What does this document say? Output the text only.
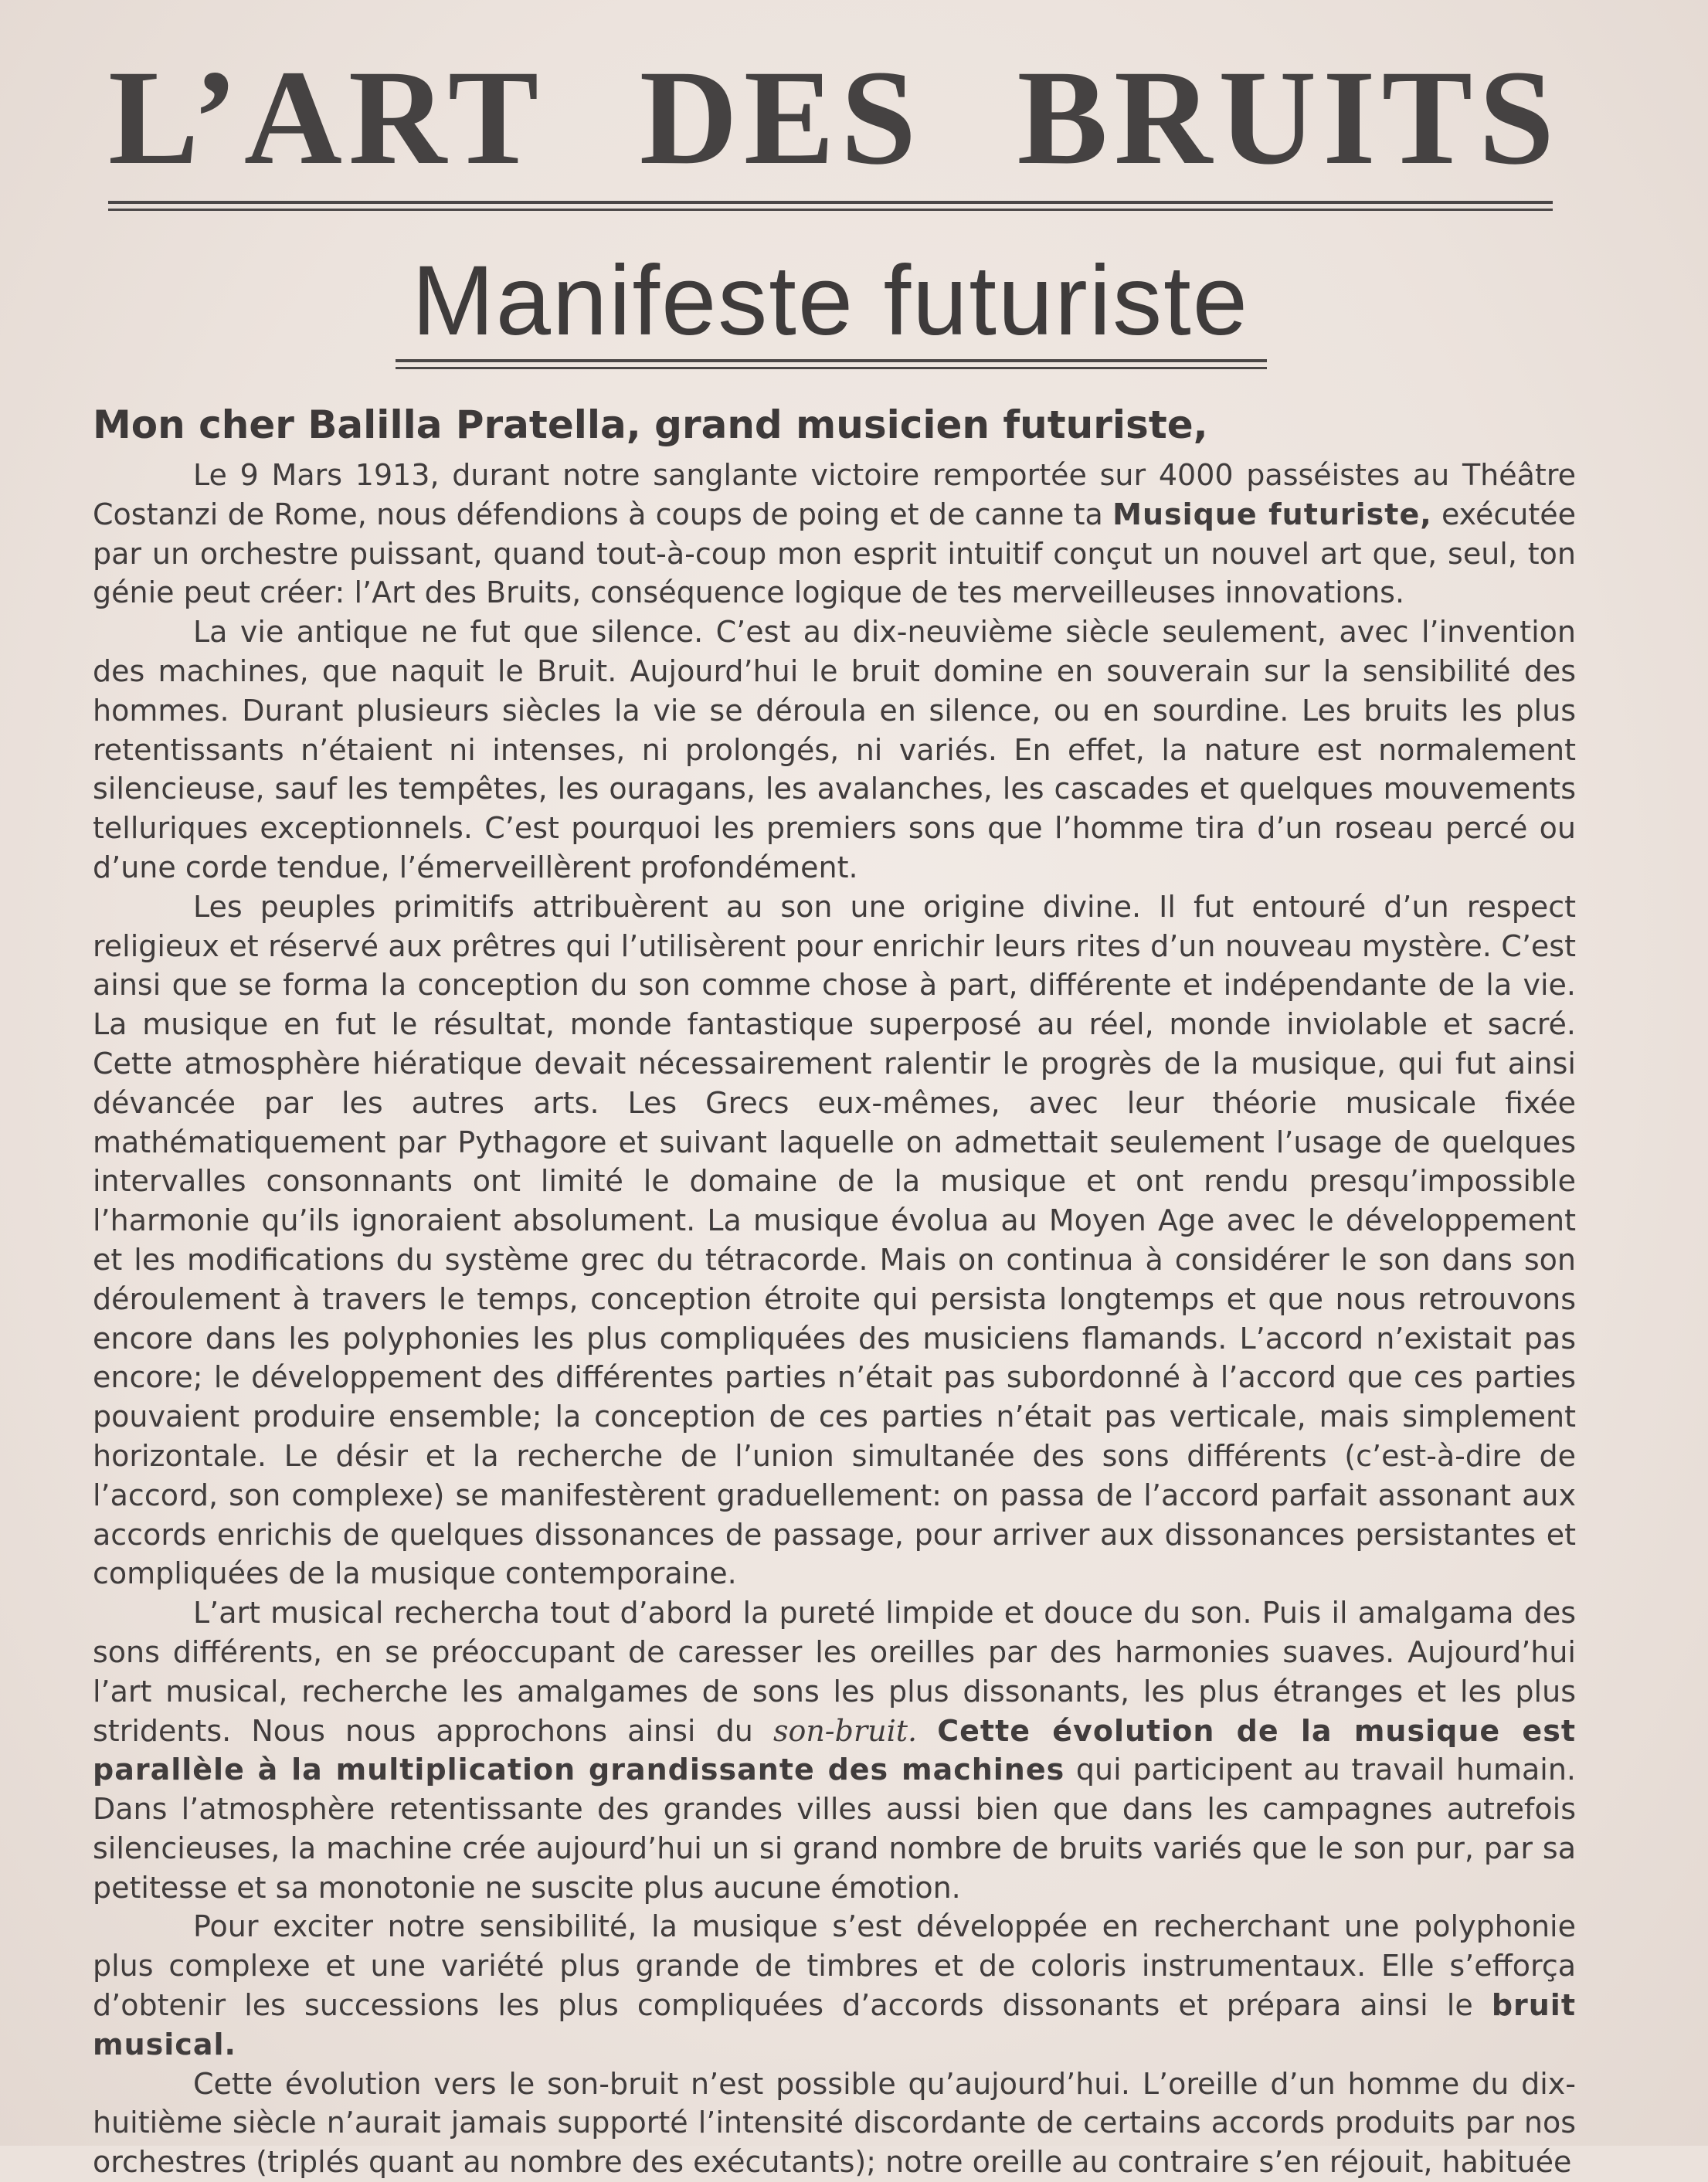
L’ART DES BRUITS
Manifeste futuriste
Mon cher Balilla Pratella, grand musicien futuriste,

Le 9 Mars 1913, durant notre sanglante victoire remportée sur 4000 passéistes au Théâtre Costanzi de Rome, nous défendions à coups de poing et de canne ta Musique futuriste, exécutée par un orchestre puissant, quand tout-à-coup mon esprit intuitif conçut un nouvel art que, seul, ton génie peut créer: l’Art des Bruits, conséquence logique de tes merveilleuses innovations.

La vie antique ne fut que silence. C’est au dix-neuvième siècle seulement, avec l’invention des machines, que naquit le Bruit. Aujourd’hui le bruit domine en souverain sur la sensibilité des hommes. Durant plusieurs siècles la vie se déroula en silence, ou en sourdine. Les bruits les plus retentissants n’étaient ni intenses, ni prolongés, ni variés. En effet, la nature est normalement silencieuse, sauf les tempêtes, les ouragans, les avalanches, les cascades et quelques mouvements telluriques exceptionnels. C’est pourquoi les premiers sons que l’homme tira d’un roseau percé ou d’une corde tendue, l’émerveillèrent profondément.

Les peuples primitifs attribuèrent au son une origine divine. Il fut entouré d’un respect religieux et réservé aux prêtres qui l’utilisèrent pour enrichir leurs rites d’un nouveau mystère. C’est ainsi que se forma la conception du son comme chose à part, différente et indépendante de la vie. La musique en fut le résultat, monde fantastique superposé au réel, monde inviolable et sacré. Cette atmosphère hiératique devait nécessairement ralentir le progrès de la musique, qui fut ainsi dévancée par les autres arts. Les Grecs eux-mêmes, avec leur théorie musicale fixée mathématiquement par Pythagore et suivant laquelle on admettait seulement l’usage de quelques intervalles consonnants ont limité le domaine de la musique et ont rendu presqu’impossible l’harmonie qu’ils ignoraient absolument. La musique évolua au Moyen Age avec le développement et les modifications du système grec du tétracorde. Mais on continua à considérer le son dans son déroulement à travers le temps, conception étroite qui persista longtemps et que nous retrouvons encore dans les polyphonies les plus compliquées des musiciens flamands. L’accord n’existait pas encore; le développement des différentes parties n’était pas subordonné à l’accord que ces parties pouvaient produire ensemble; la conception de ces parties n’était pas verticale, mais simplement horizontale. Le désir et la recherche de l’union simultanée des sons différents (c’est-à-dire de l’accord, son complexe) se manifestèrent graduellement: on passa de l’accord parfait assonant aux accords enrichis de quelques dissonances de passage, pour arriver aux dissonances persistantes et compliquées de la musique contemporaine.

L’art musical rechercha tout d’abord la pureté limpide et douce du son. Puis il amalgama des sons différents, en se préoccupant de caresser les oreilles par des harmonies suaves. Aujourd’hui l’art musical, recherche les amalgames de sons les plus dissonants, les plus étranges et les plus stridents. Nous nous approchons ainsi du son-bruit. Cette évolution de la musique est parallèle à la multiplication grandissante des machines qui participent au travail humain. Dans l’atmosphère retentissante des grandes villes aussi bien que dans les campagnes autrefois silencieuses, la machine crée aujourd’hui un si grand nombre de bruits variés que le son pur, par sa petitesse et sa monotonie ne suscite plus aucune émotion.

Pour exciter notre sensibilité, la musique s’est développée en recherchant une polyphonie plus complexe et une variété plus grande de timbres et de coloris instrumentaux. Elle s’efforça d’obtenir les successions les plus compliquées d’accords dissonants et prépara ainsi le bruit musical.

Cette évolution vers le son-bruit n’est possible qu’aujourd’hui. L’oreille d’un homme du dix-huitième siècle n’aurait jamais supporté l’intensité discordante de certains accords produits par nos orchestres (triplés quant au nombre des exécutants); notre oreille au contraire s’en réjouit, habituée
